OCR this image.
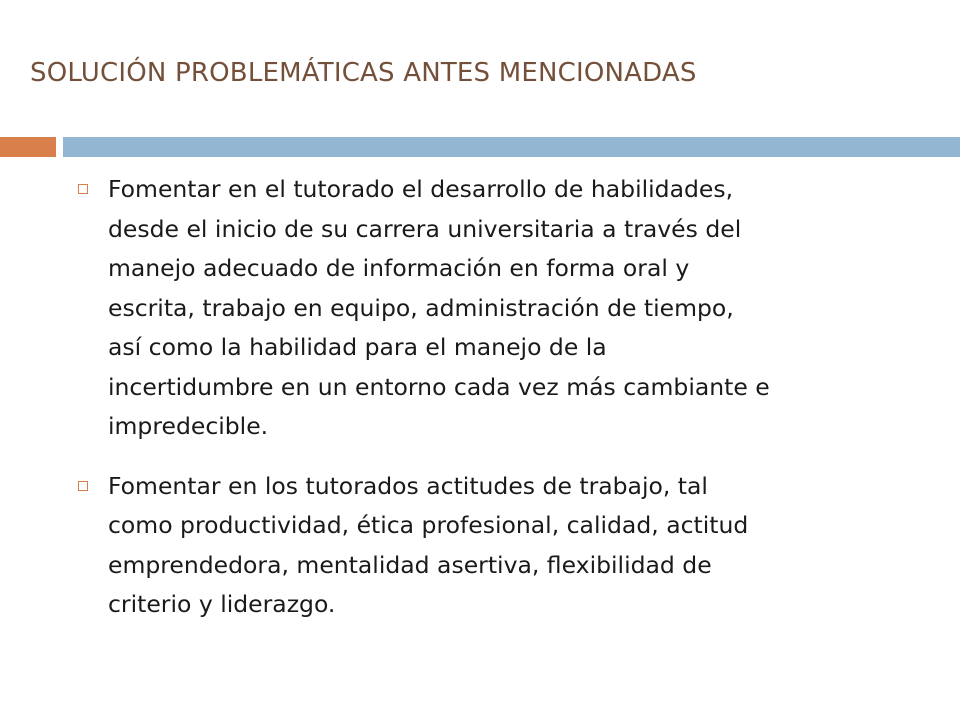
SOLUCIÓN PROBLEMÁTICAS ANTES MENCIONADAS
Fomentar en el tutorado el desarrollo de habilidades,
desde el inicio de su carrera universitaria a través del
manejo adecuado de información en forma oral y
escrita, trabajo en equipo, administración de tiempo,
así como la habilidad para el manejo de la
incertidumbre en un entorno cada vez más cambiante e
impredecible.
Fomentar en los tutorados actitudes de trabajo, tal
como productividad, ética profesional, calidad, actitud
emprendedora, mentalidad asertiva, flexibilidad de
criterio y liderazgo.
